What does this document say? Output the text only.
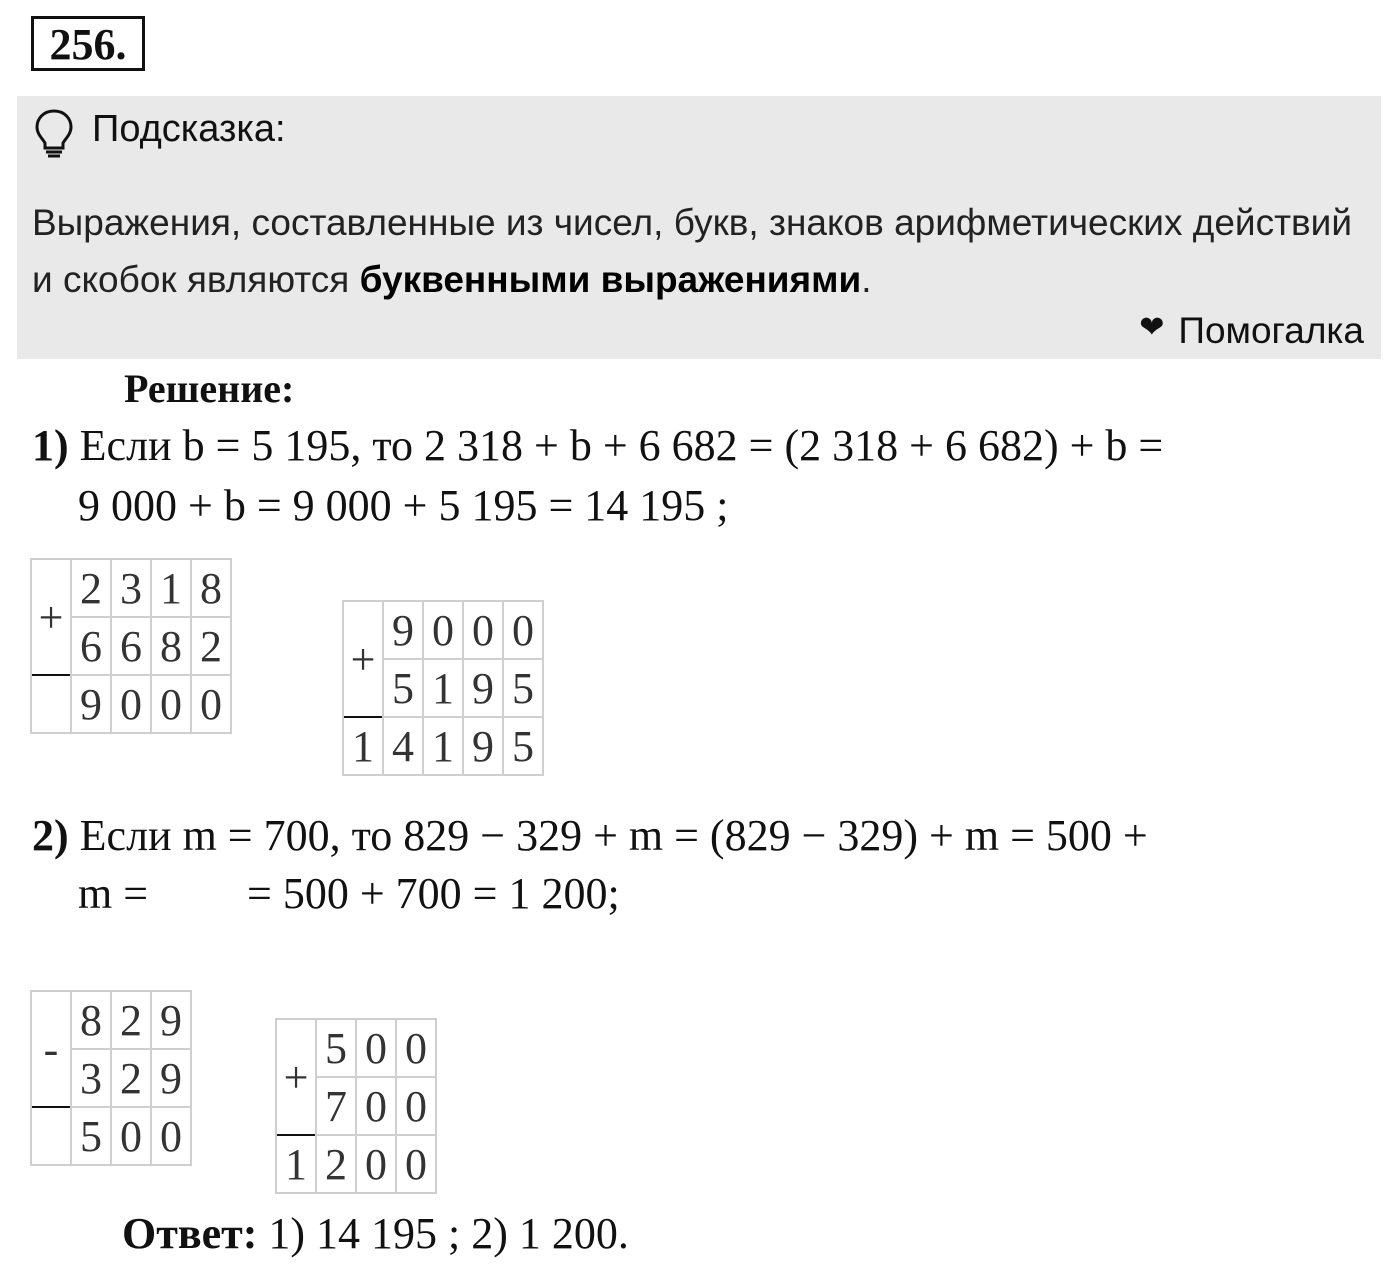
256.
Подсказка:
Выражения, составленные из чисел, букв, знаков арифметических действий и скобок являются буквенными выражениями.
❤ Помогалка
Решение:
1) Если b = 5 195, то 2 318 + b + 6 682 = (2 318 + 6 682) + b =
9 000 + b = 9 000 + 5 195 = 14 195 ;
+	2	3	1	8
	6	6	8	2
	9	0	0	0
+	9	0	0	0
	5	1	9	5
1	4	1	9	5
2) Если m = 700, то 829 − 329 + m = (829 − 329) + m = 500 +
m =         = 500 + 700 = 1 200;
-	8	2	9
	3	2	9
	5	0	0
+	5	0	0
	7	0	0
1	2	0	0
Ответ: 1) 14 195 ; 2) 1 200.
